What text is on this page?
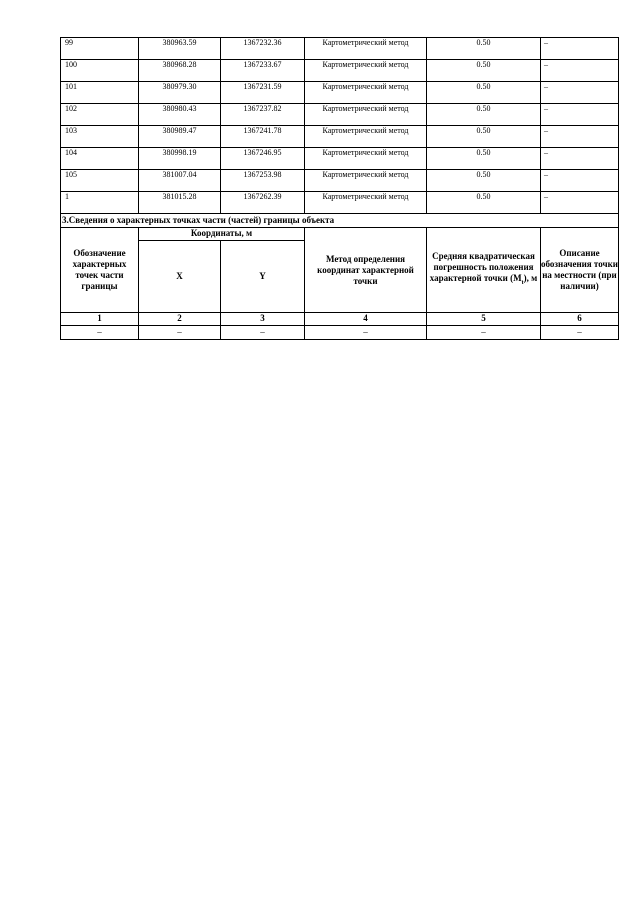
99	380963.59	1367232.36	Картометрический метод	0.50	–
100	380968.28	1367233.67	Картометрический метод	0.50	–
101	380979.30	1367231.59	Картометрический метод	0.50	–
102	380980.43	1367237.82	Картометрический метод	0.50	–
103	380989.47	1367241.78	Картометрический метод	0.50	–
104	380998.19	1367246.95	Картометрический метод	0.50	–
105	381007.04	1367253.98	Картометрический метод	0.50	–
1	381015.28	1367262.39	Картометрический метод	0.50	–
3.Сведения о характерных точках части (частей) границы объекта					
Обозначение характерных точек части границы	Координаты, м		Метод определения координат характерной точки	Средняя квадратическая погрешность положения характерной точки $(M_t)$, м	Описание обозначения точки на местности (при наличии)
	X	Y			
1	2	3	4	5	6
–	–	–	–	–	–
